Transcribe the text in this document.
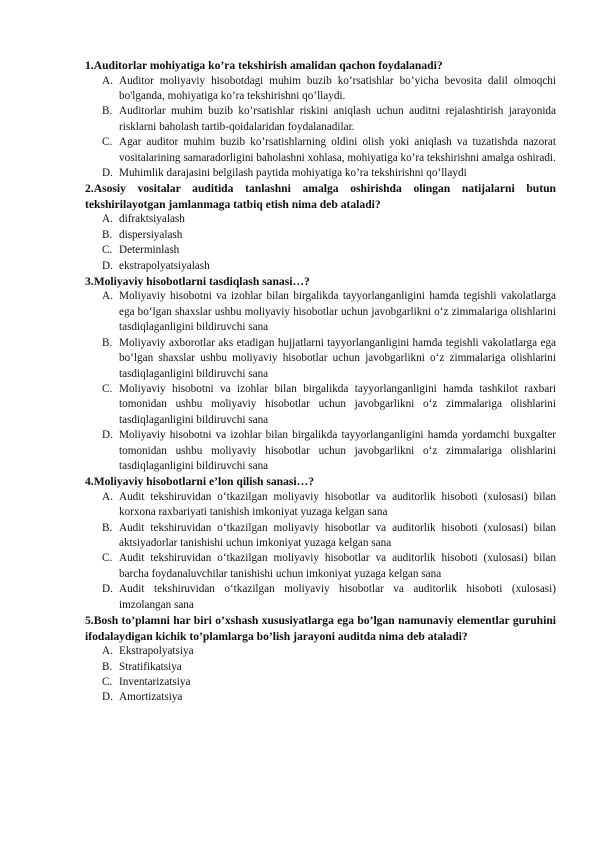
1.Auditorlar mohiyatiga ko’ra tekshirish amalidan qachon foydalanadi?

A. Auditor moliyaviy hisobotdagi muhim buzib ko’rsatishlar bo’yicha bevosita dalil olmoqchi bo'lganda, mohiyatiga ko’ra tekshirishni qo’llaydi.
B. Auditorlar muhim buzib ko’rsatishlar riskini aniqlash uchun auditni rejalashtirish jarayonida risklarni baholash tartib-qoidalaridan foydalanadilar.
C. Agar auditor muhim buzib ko’rsatishlarning oldini olish yoki aniqlash va tuzatishda nazorat vositalarining samaradorligini baholashni xohlasa, mohiyatiga ko’ra tekshirishni amalga oshiradi.
D. Muhimlik darajasini belgilash paytida mohiyatiga ko’ra tekshirishni qo’llaydi

2.Asosiy vositalar auditida tanlashni amalga oshirishda olingan natijalarni butun tekshirilayotgan jamlanmaga tatbiq etish nima deb ataladi?

A. difraktsiyalash
B. dispersiyalash
C. Determinlash
D. ekstrapolyatsiyalash

3.Moliyaviy hisobotlarni tasdiqlash sanasi…?

A. Moliyaviy hisobotni va izohlar bilan birgalikda tayyorlanganligini hamda tegishli vakolatlarga ega bo‘lgan shaxslar ushbu moliyaviy hisobotlar uchun javobgarlikni o‘z zimmalariga olishlarini tasdiqlaganligini bildiruvchi sana
B. Moliyaviy axborotlar aks etadigan hujjatlarni tayyorlanganligini hamda tegishli vakolatlarga ega bo‘lgan shaxslar ushbu moliyaviy hisobotlar uchun javobgarlikni o‘z zimmalariga olishlarini tasdiqlaganligini bildiruvchi sana
C. Moliyaviy hisobotni va izohlar bilan birgalikda tayyorlanganligini hamda tashkilot raxbari tomonidan ushbu moliyaviy hisobotlar uchun javobgarlikni o‘z zimmalariga olishlarini tasdiqlaganligini bildiruvchi sana
D. Moliyaviy hisobotni va izohlar bilan birgalikda tayyorlanganligini hamda yordamchi buxgalter tomonidan ushbu moliyaviy hisobotlar uchun javobgarlikni o‘z zimmalariga olishlarini tasdiqlaganligini bildiruvchi sana

4.Moliyaviy hisobotlarni e’lon qilish sanasi…?

A. Audit tekshiruvidan o‘tkazilgan moliyaviy hisobotlar va auditorlik hisoboti (xulosasi) bilan korxona raxbariyati tanishish imkoniyat yuzaga kelgan sana
B. Audit tekshiruvidan o‘tkazilgan moliyaviy hisobotlar va auditorlik hisoboti (xulosasi) bilan aktsiyadorlar tanishishi uchun imkoniyat yuzaga kelgan sana
C. Audit tekshiruvidan o‘tkazilgan moliyaviy hisobotlar va auditorlik hisoboti (xulosasi) bilan barcha foydanaluvchilar tanishishi uchun imkoniyat yuzaga kelgan sana
D. Audit tekshiruvidan o‘tkazilgan moliyaviy hisobotlar va auditorlik hisoboti (xulosasi) imzolangan sana

5.Bosh to’plamni har biri o’xshash xususiyatlarga ega bo’lgan namunaviy elementlar guruhini ifodalaydigan kichik to’plamlarga bo’lish jarayoni auditda nima deb ataladi?

A. Ekstrapolyatsiya
B. Stratifikatsiya
C. Inventarizatsiya
D. Amortizatsiya
